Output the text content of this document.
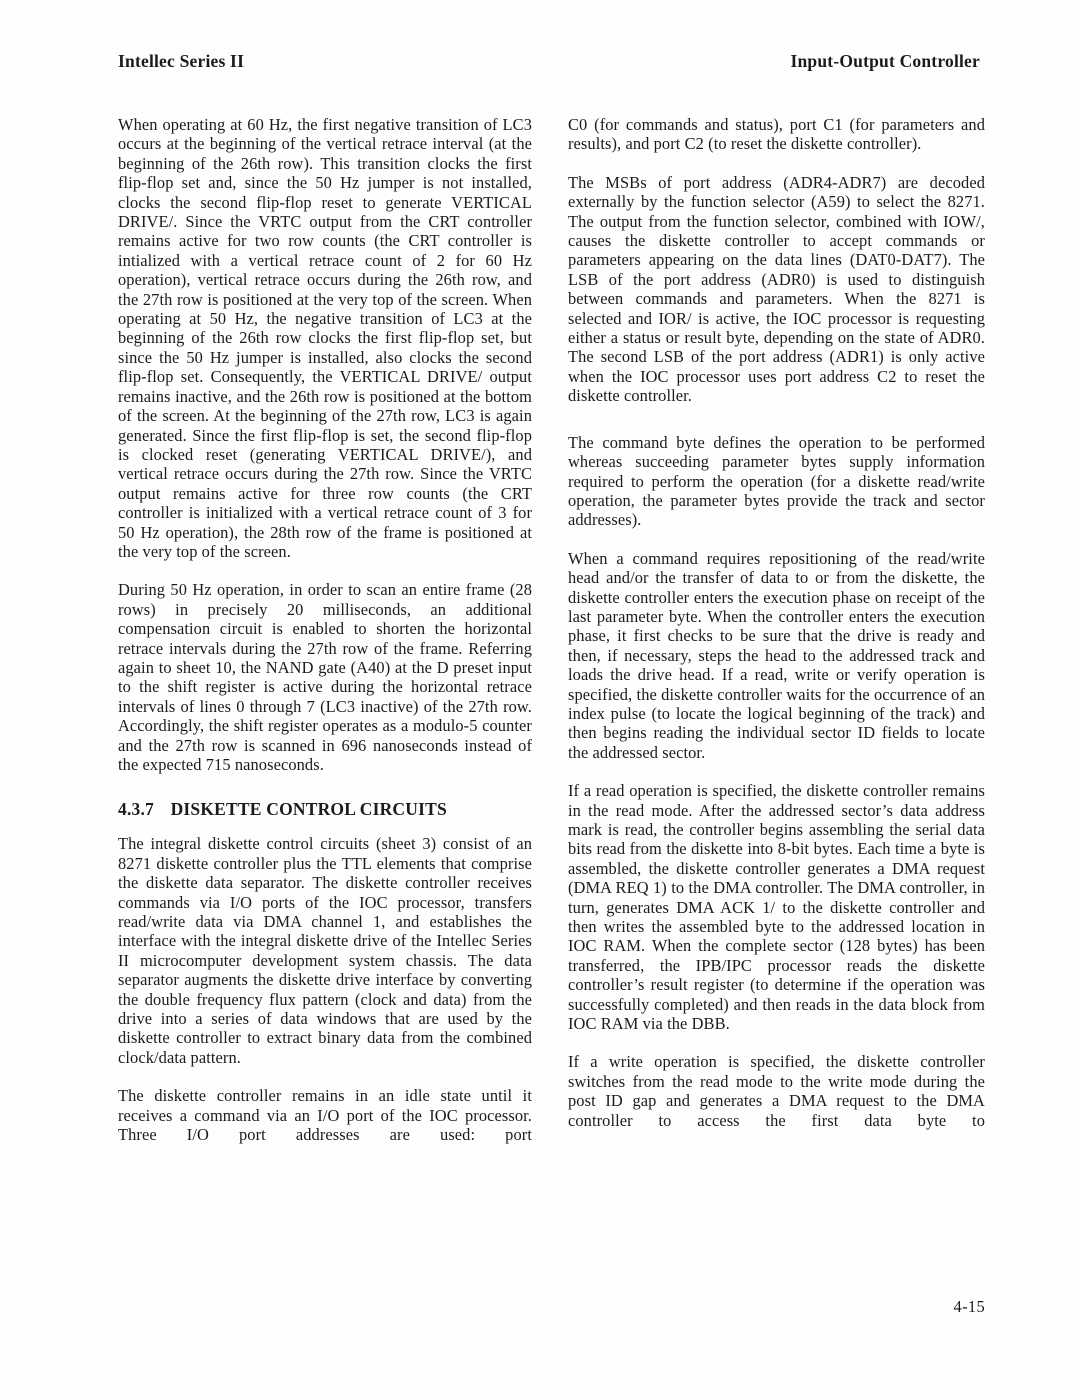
Intellec Series II	Input-Output Controller

When operating at 60 Hz, the first negative transition of LC3 occurs at the beginning of the vertical retrace interval (at the beginning of the 26th row). This transition clocks the first flip-flop set and, since the 50 Hz jumper is not installed, clocks the second flip-flop reset to generate VERTICAL DRIVE/. Since the VRTC output from the CRT controller remains active for two row counts (the CRT controller is intialized with a vertical retrace count of 2 for 60 Hz operation), vertical retrace occurs during the 26th row, and the 27th row is positioned at the very top of the screen. When operating at 50 Hz, the negative transition of LC3 at the beginning of the 26th row clocks the first flip-flop set, but since the 50 Hz jumper is installed, also clocks the second flip-flop set. Consequently, the VERTICAL DRIVE/ output remains inactive, and the 26th row is positioned at the bottom of the screen. At the beginning of the 27th row, LC3 is again generated. Since the first flip-flop is set, the second flip-flop is clocked reset (generating VERTICAL DRIVE/), and vertical retrace occurs during the 27th row. Since the VRTC output remains active for three row counts (the CRT controller is initialized with a vertical retrace count of 3 for 50 Hz operation), the 28th row of the frame is positioned at the very top of the screen.

During 50 Hz operation, in order to scan an entire frame (28 rows) in precisely 20 milliseconds, an additional compensation circuit is enabled to shorten the horizontal retrace intervals during the 27th row of the frame. Referring again to sheet 10, the NAND gate (A40) at the D preset input to the shift register is active during the horizontal retrace intervals of lines 0 through 7 (LC3 inactive) of the 27th row. Accordingly, the shift register operates as a modulo-5 counter and the 27th row is scanned in 696 nanoseconds instead of the expected 715 nanoseconds.

4.3.7 DISKETTE CONTROL CIRCUITS

The integral diskette control circuits (sheet 3) consist of an 8271 diskette controller plus the TTL elements that comprise the diskette data separator. The diskette controller receives commands via I/O ports of the IOC processor, transfers read/write data via DMA channel 1, and establishes the interface with the integral diskette drive of the Intellec Series II microcomputer development system chassis. The data separator augments the diskette drive interface by converting the double frequency flux pattern (clock and data) from the drive into a series of data windows that are used by the diskette controller to extract binary data from the combined clock/data pattern.

The diskette controller remains in an idle state until it receives a command via an I/O port of the IOC processor. Three I/O port addresses are used: port

C0 (for commands and status), port C1 (for parameters and results), and port C2 (to reset the diskette controller).

The MSBs of port address (ADR4-ADR7) are decoded externally by the function selector (A59) to select the 8271. The output from the function selector, combined with IOW/, causes the diskette controller to accept commands or parameters appearing on the data lines (DAT0-DAT7). The LSB of the port address (ADR0) is used to distinguish between commands and parameters. When the 8271 is selected and IOR/ is active, the IOC processor is requesting either a status or result byte, depending on the state of ADR0. The second LSB of the port address (ADR1) is only active when the IOC processor uses port address C2 to reset the diskette controller.

The command byte defines the operation to be performed whereas succeeding parameter bytes supply information required to perform the operation (for a diskette read/write operation, the parameter bytes provide the track and sector addresses).

When a command requires repositioning of the read/write head and/or the transfer of data to or from the diskette, the diskette controller enters the execution phase on receipt of the last parameter byte. When the controller enters the execution phase, it first checks to be sure that the drive is ready and then, if necessary, steps the head to the addressed track and loads the drive head. If a read, write or verify operation is specified, the diskette controller waits for the occurrence of an index pulse (to locate the logical beginning of the track) and then begins reading the individual sector ID fields to locate the addressed sector.

If a read operation is specified, the diskette controller remains in the read mode. After the addressed sector’s data address mark is read, the controller begins assembling the serial data bits read from the diskette into 8-bit bytes. Each time a byte is assembled, the diskette controller generates a DMA request (DMA REQ 1) to the DMA controller. The DMA controller, in turn, generates DMA ACK 1/ to the diskette controller and then writes the assembled byte to the addressed location in IOC RAM. When the complete sector (128 bytes) has been transferred, the IPB/IPC processor reads the diskette controller’s result register (to determine if the operation was successfully completed) and then reads in the data block from IOC RAM via the DBB.

If a write operation is specified, the diskette controller switches from the read mode to the write mode during the post ID gap and generates a DMA request to the DMA controller to access the first data byte to

4-15
